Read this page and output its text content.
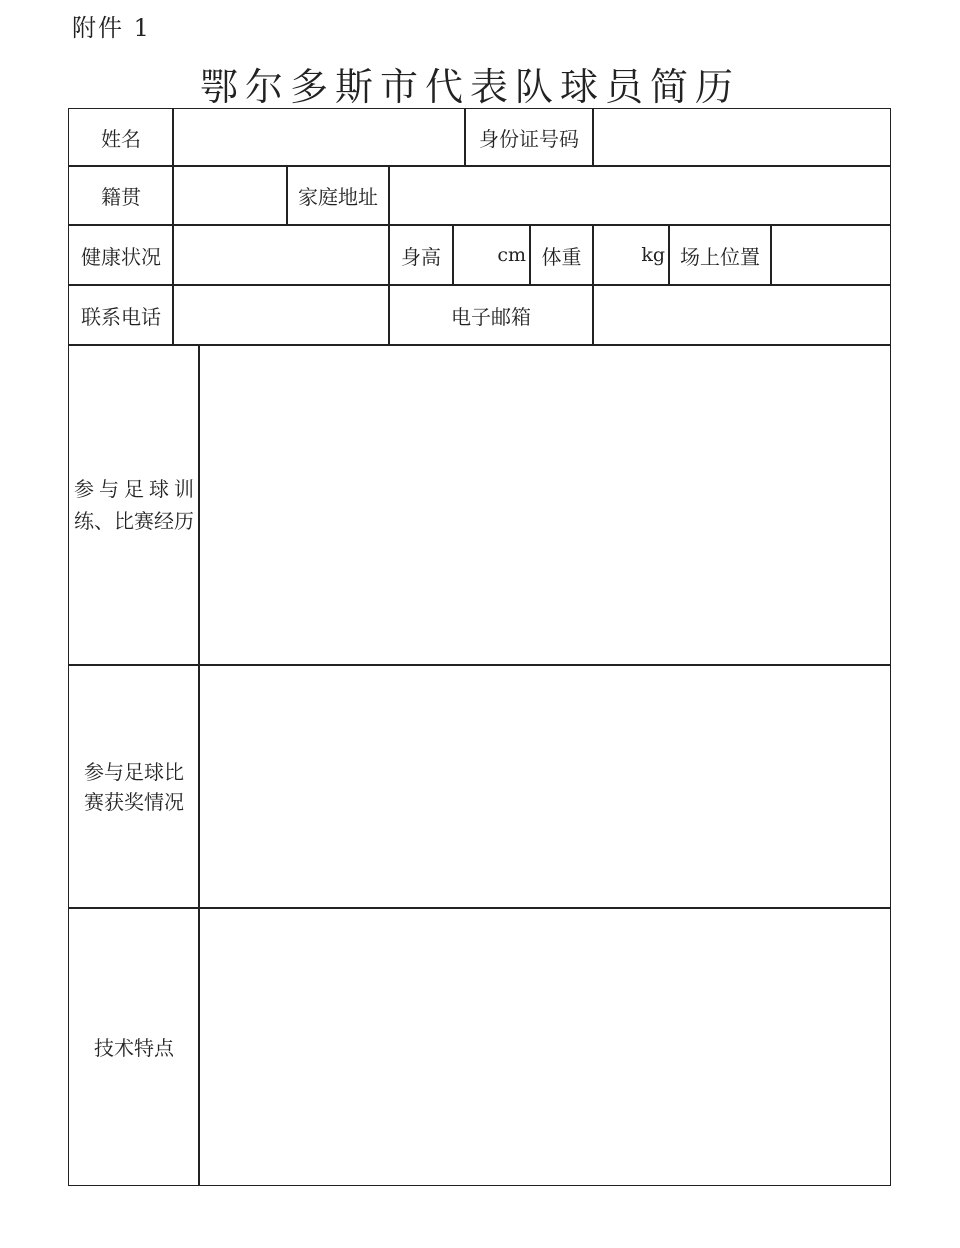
附件 1
鄂尔多斯市代表队球员简历
姓名	身份证号码
籍贯	家庭地址
健康状况	身高	cm 体重	kg 场上位置
联系电话	电子邮箱
参与足球训
练、比赛经历
参与足球比
赛获奖情况
技术特点
